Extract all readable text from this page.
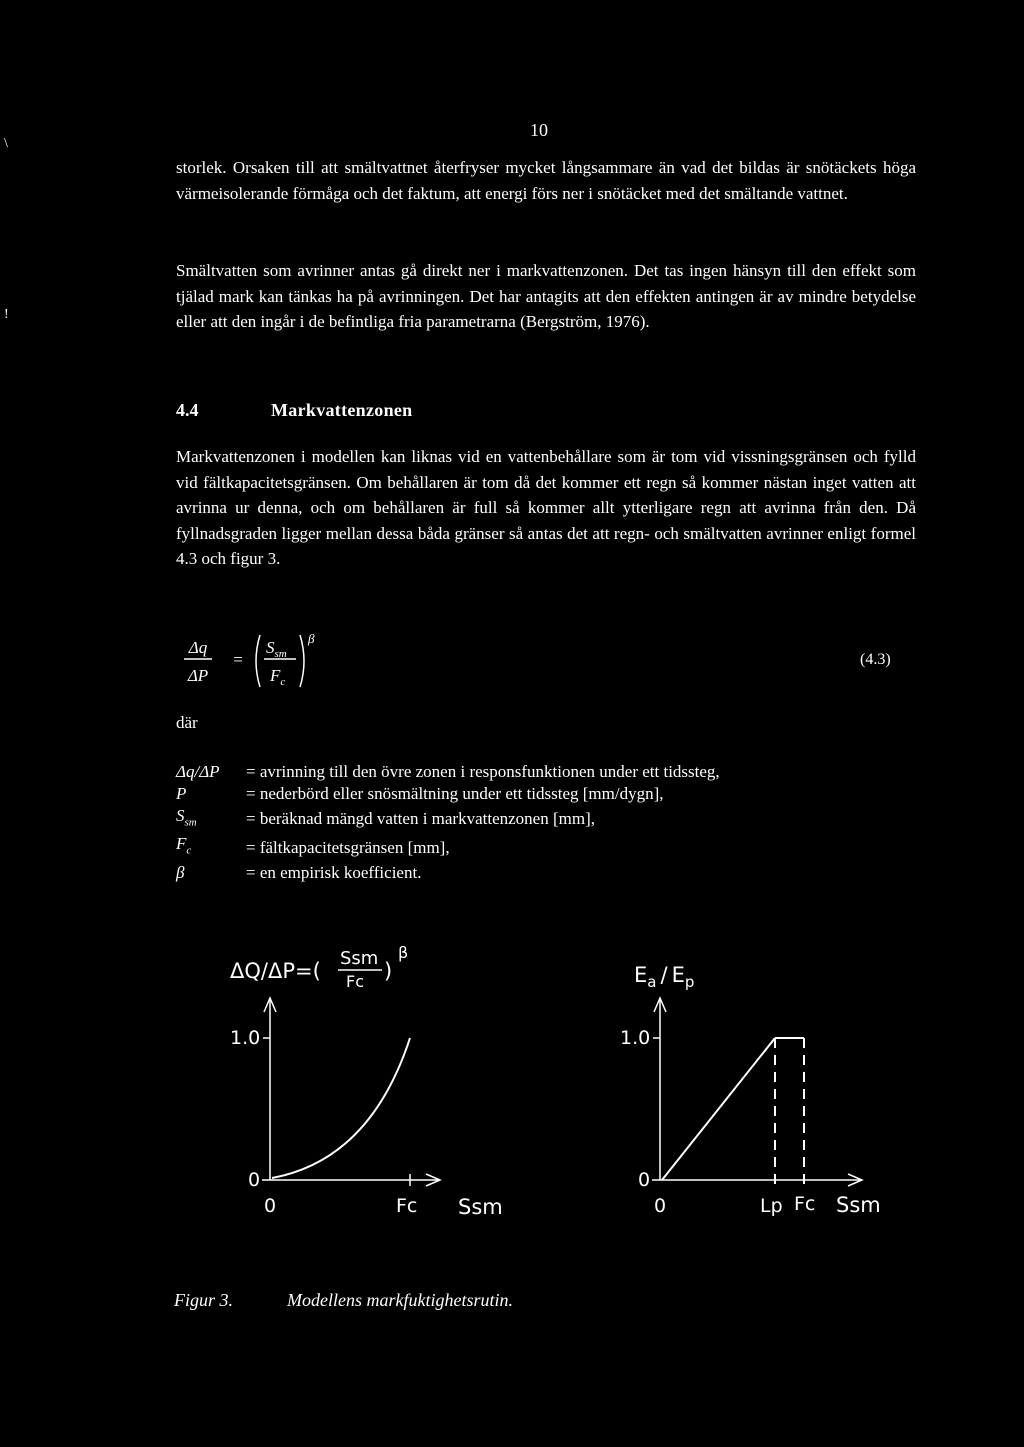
\
!
10

storlek. Orsaken till att smältvattnet återfryser mycket långsammare än vad det bildas är snötäckets höga värmeisolerande förmåga och det faktum, att energi förs ner i snötäcket med det smältande vattnet.

Smältvatten som avrinner antas gå direkt ner i markvattenzonen. Det tas ingen hänsyn till den effekt som tjälad mark kan tänkas ha på avrinningen. Det har antagits att den effekten antingen är av mindre betydelse eller att den ingår i de befintliga fria parametrarna (Bergström, 1976).

4.4	Markvattenzonen

Markvattenzonen i modellen kan liknas vid en vattenbehållare som är tom vid vissningsgränsen och fylld vid fältkapacitetsgränsen. Om behållaren är tom då det kommer ett regn så kommer nästan inget vatten att avrinna ur denna, och om behållaren är full så kommer allt ytterligare regn att avrinna från den. Då fyllnadsgraden ligger mellan dessa båda gränser så antas det att regn- och smältvatten avrinner enligt formel 4.3 och figur 3.

Δq
ΔP
=
$S_{sm}$
$F_c$
β
(4.3)
där
Δq/ΔP	= avrinning till den övre zonen i responsfunktionen under ett tidssteg,
P	= nederbörd eller snösmältning under ett tidssteg [mm/dygn],
$S_{sm}$	= beräknad mängd vatten i markvattenzonen [mm],
$F_c$	= fältkapacitetsgränsen [mm],
β	= en empirisk koefficient.
ΔQ/ΔP=(
Ssm
Fc )
β
1.0
0
0	Fc Ssm
$E_a / E_p$
1.0
0
0	Lp Fc Ssm
Figur 3.	Modellens markfuktighetsrutin.
